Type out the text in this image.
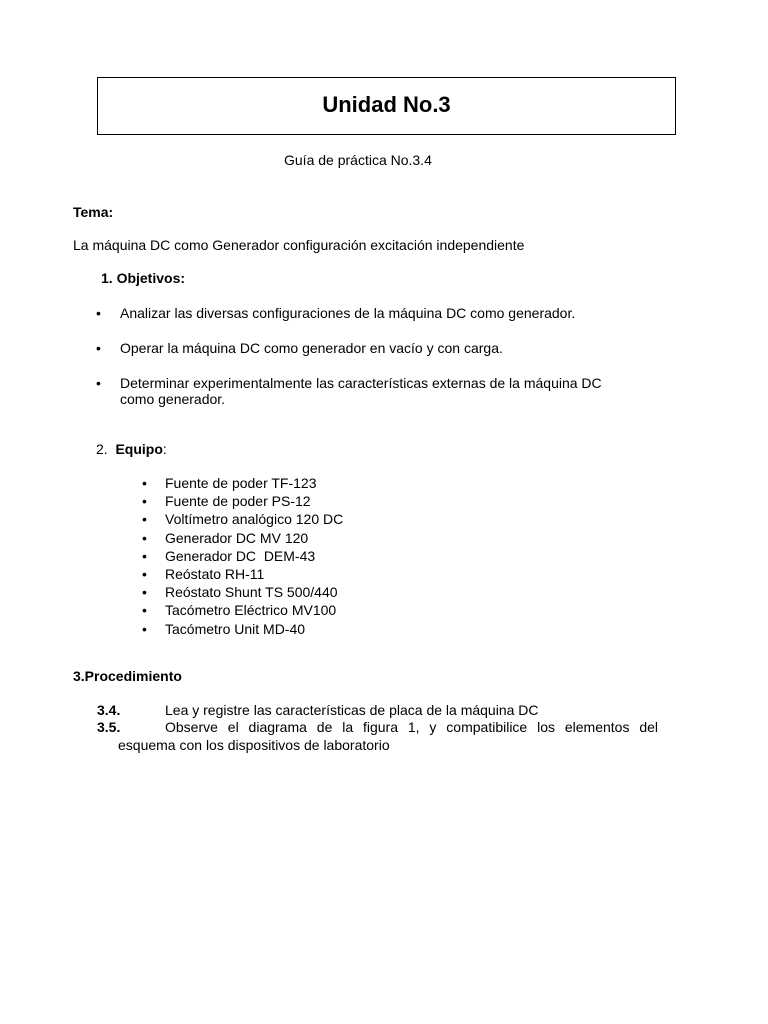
Unidad No.3
Guía de práctica No.3.4
Tema:
La máquina DC como Generador configuración excitación independiente
1. Objetivos:
• Analizar las diversas configuraciones de la máquina DC como generador.
• Operar la máquina DC como generador en vacío y con carga.
• Determinar experimentalmente las características externas de la máquina DC
como generador.
2. Equipo:
• Fuente de poder TF-123
• Fuente de poder PS-12
• Voltímetro analógico 120 DC
• Generador DC MV 120
• Generador DC  DEM-43
• Reóstato RH-11
• Reóstato Shunt TS 500/440
• Tacómetro Eléctrico MV100
• Tacómetro Unit MD-40
3.Procedimiento
3.4.	Lea y registre las características de placa de la máquina DC
3.5.	Observe el diagrama de la figura 1, y compatibilice los elementos del
esquema con los dispositivos de laboratorio
